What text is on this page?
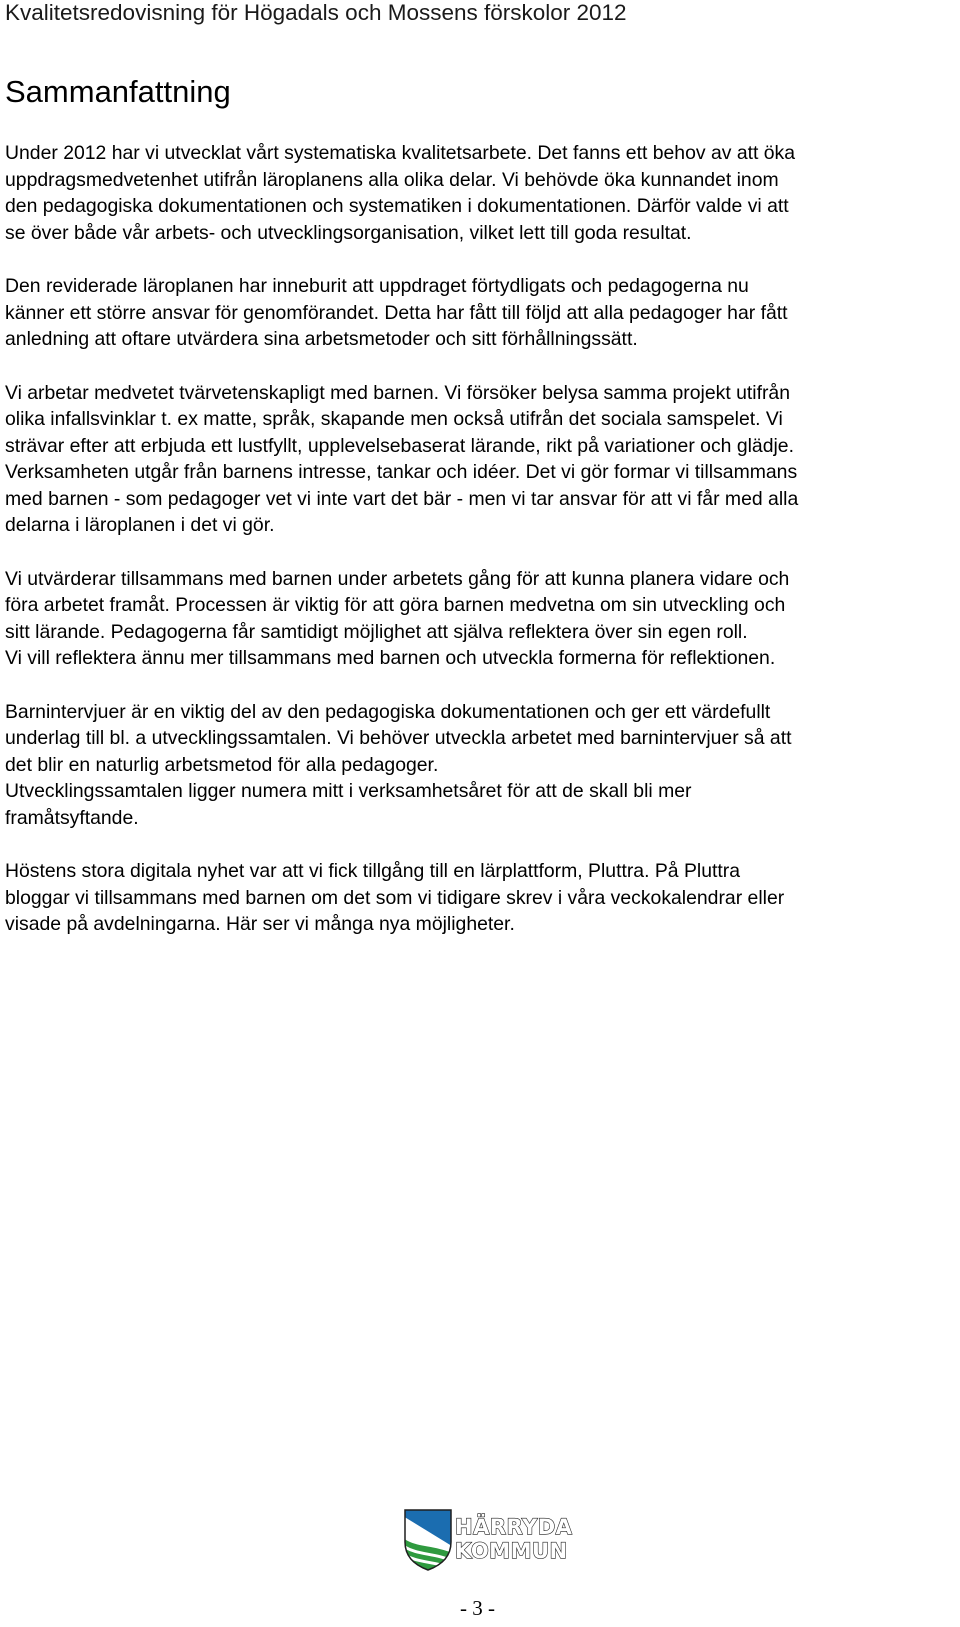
Kvalitetsredovisning för Högadals och Mossens förskolor 2012
Sammanfattning

Under 2012 har vi utvecklat vårt systematiska kvalitetsarbete. Det fanns ett behov av att öka
uppdragsmedvetenhet utifrån läroplanens alla olika delar. Vi behövde öka kunnandet inom
den pedagogiska dokumentationen och systematiken i dokumentationen. Därför valde vi att
se över både vår arbets- och utvecklingsorganisation, vilket lett till goda resultat.

Den reviderade läroplanen har inneburit att uppdraget förtydligats och pedagogerna nu
känner ett större ansvar för genomförandet. Detta har fått till följd att alla pedagoger har fått
anledning att oftare utvärdera sina arbetsmetoder och sitt förhållningssätt.

Vi arbetar medvetet tvärvetenskapligt med barnen. Vi försöker belysa samma projekt utifrån
olika infallsvinklar t. ex matte, språk, skapande men också utifrån det sociala samspelet. Vi
strävar efter att erbjuda ett lustfyllt, upplevelsebaserat lärande, rikt på variationer och glädje.
Verksamheten utgår från barnens intresse, tankar och idéer. Det vi gör formar vi tillsammans
med barnen - som pedagoger vet vi inte vart det bär - men vi tar ansvar för att vi får med alla
delarna i läroplanen i det vi gör.

Vi utvärderar tillsammans med barnen under arbetets gång för att kunna planera vidare och
föra arbetet framåt. Processen är viktig för att göra barnen medvetna om sin utveckling och
sitt lärande. Pedagogerna får samtidigt möjlighet att själva reflektera över sin egen roll.
Vi vill reflektera ännu mer tillsammans med barnen och utveckla formerna för reflektionen.

Barnintervjuer är en viktig del av den pedagogiska dokumentationen och ger ett värdefullt
underlag till bl. a utvecklingssamtalen. Vi behöver utveckla arbetet med barnintervjuer så att
det blir en naturlig arbetsmetod för alla pedagoger.
Utvecklingssamtalen ligger numera mitt i verksamhetsåret för att de skall bli mer
framåtsyftande.

Höstens stora digitala nyhet var att vi fick tillgång till en lärplattform, Pluttra. På Pluttra
bloggar vi tillsammans med barnen om det som vi tidigare skrev i våra veckokalendrar eller
visade på avdelningarna. Här ser vi många nya möjligheter.

HÄRRYDA
KOMMUN
- 3 -
